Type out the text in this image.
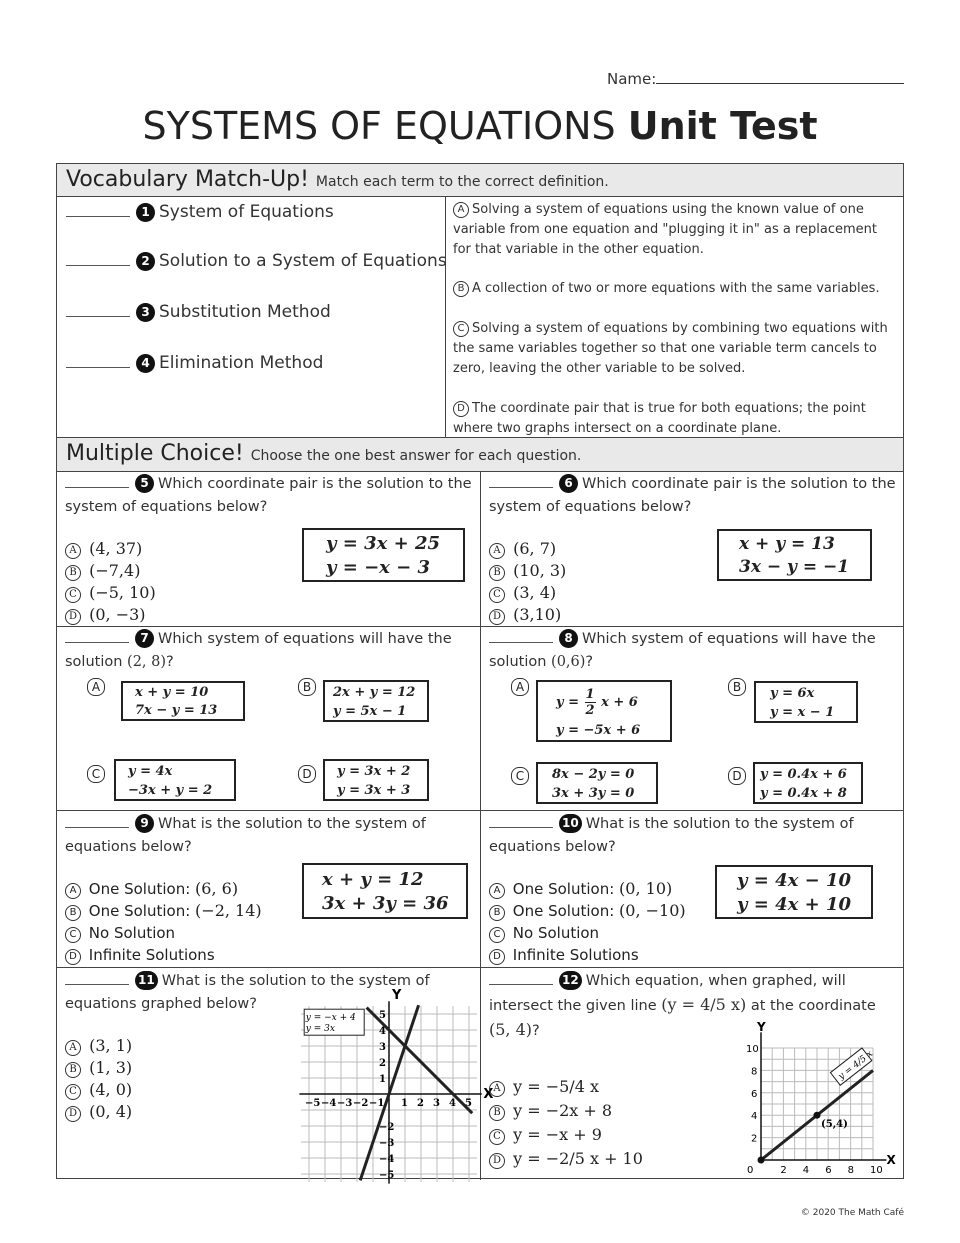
Name:
SYSTEMS OF EQUATIONS Unit Test
Vocabulary Match-Up! Match each term to the correct definition.
1 System of Equations
2 Solution to a System of Equations
3 Substitution Method
4 Elimination Method
A Solving a system of equations using the known value of one variable from one equation and "plugging it in" as a replacement for that variable in the other equation.
B A collection of two or more equations with the same variables.
C Solving a system of equations by combining two equations with the same variables together so that one variable term cancels to zero, leaving the other variable to be solved.
D The coordinate pair that is true for both equations; the point where two graphs intersect on a coordinate plane.
Multiple Choice! Choose the one best answer for each question.
5 Which coordinate pair is the solution to the
system of equations below?
y = 3x + 25
y = −x − 3
A (4, 37)
B (−7,4)
C (−5, 10)
D (0, −3)
6 Which coordinate pair is the solution to the
system of equations below?
x + y = 13
3x − y = −1
A (6, 7)
B (10, 3)
C (3, 4)
D (3,10)
7 Which system of equations will have the
solution (2, 8)?
A	x + y = 10
7x − y = 13
B	2x + y = 12
y = 5x − 1
C	y = 4x
−3x + y = 2
D	y = 3x + 2
y = 3x + 3
8 Which system of equations will have the
solution (0,6)?
A
$y = \frac{1}{2}$ x + 6
y = −5x + 6
B	y = 6x
y = x − 1
C	8x − 2y = 0
3x + 3y = 0
D	y = 0.4x + 6
y = 0.4x + 8
9 What is the solution to the system of
equations below?
x + y = 12
3x + 3y = 36
A One Solution: (6, 6)
B One Solution: (−2, 14)
C No Solution
D Infinite Solutions
10 What is the solution to the system of
equations below?
y = 4x − 10
y = 4x + 10
A One Solution: (0, 10)
B One Solution: (0, −10)
C No Solution
D Infinite Solutions
11 What is the solution to the system of
equations graphed below?
A (3, 1)
B (1, 3)
C (4, 0)
D (0, 4)
X
Y
−5 −4 −3 −2 −1 1 2 3 4 5
5
4
3
2
1
−2
−3
−4
−5
y = −x + 4
y = 3x
12 Which equation, when graphed, will
intersect the given line (y = 4/5 x) at the coordinate
(5, 4)?
A y = −5/4 x
B y = −2x + 8
C y = −x + 9
D y = −2/5 x + 10	X
Y
0	2 4 6 8 10
2
4
6
8
10
(5,4)
y = 4/5 x
© 2020 The Math Café
